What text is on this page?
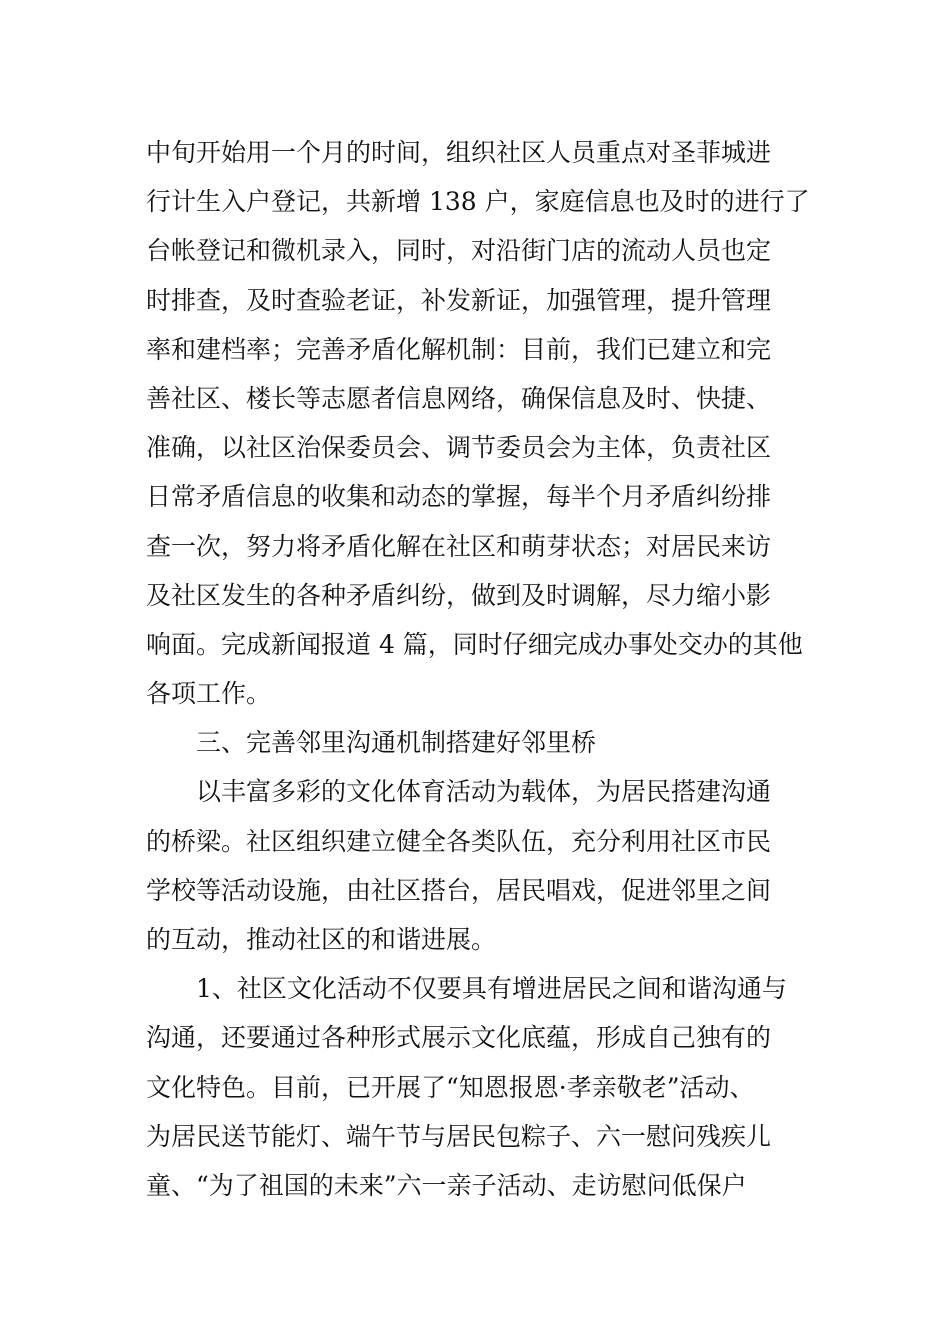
中旬开始用一个月的时间，组织社区人员重点对圣菲城进
行计生入户登记，共新增 138 户，家庭信息也及时的进行了
台帐登记和微机录入，同时，对沿街门店的流动人员也定
时排查，及时查验老证，补发新证，加强管理，提升管理
率和建档率；完善矛盾化解机制：目前，我们已建立和完
善社区、楼长等志愿者信息网络，确保信息及时、快捷、
准确，以社区治保委员会、调节委员会为主体，负责社区
日常矛盾信息的收集和动态的掌握，每半个月矛盾纠纷排
查一次，努力将矛盾化解在社区和萌芽状态；对居民来访
及社区发生的各种矛盾纠纷，做到及时调解，尽力缩小影
响面。完成新闻报道 4 篇，同时仔细完成办事处交办的其他
各项工作。
三、完善邻里沟通机制搭建好邻里桥
以丰富多彩的文化体育活动为载体，为居民搭建沟通
的桥梁。社区组织建立健全各类队伍，充分利用社区市民
学校等活动设施，由社区搭台，居民唱戏，促进邻里之间
的互动，推动社区的和谐进展。
1、社区文化活动不仅要具有增进居民之间和谐沟通与
沟通，还要通过各种形式展示文化底蕴，形成自己独有的
文化特色。目前，已开展了“知恩报恩·孝亲敬老”活动、
为居民送节能灯、端午节与居民包粽子、六一慰问残疾儿
童、“为了祖国的未来”六一亲子活动、走访慰问低保户
